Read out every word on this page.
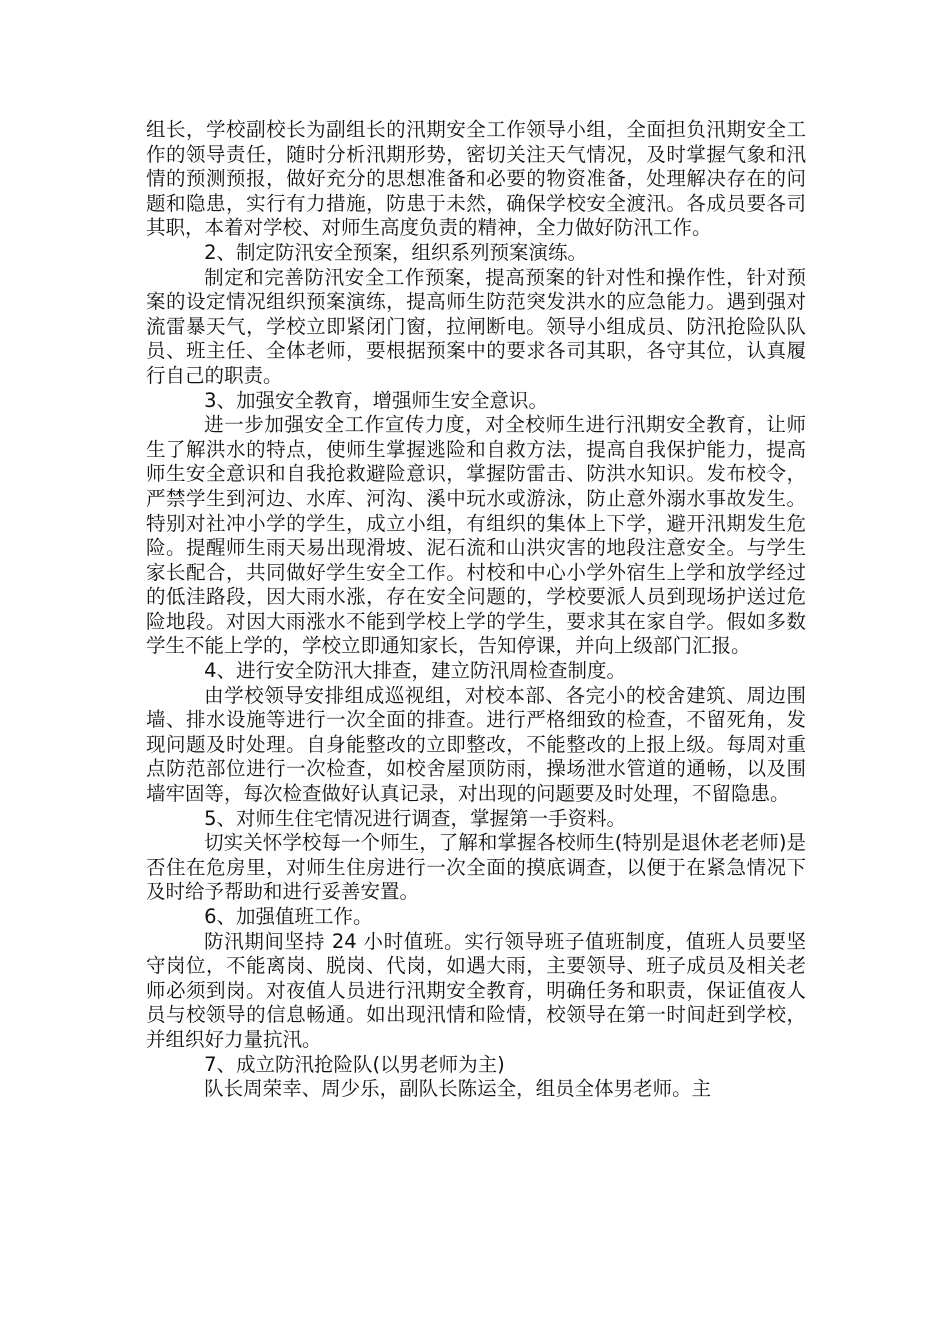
组长，学校副校长为副组长的汛期安全工作领导小组，全面担负汛期安全工作的领导责任，随时分析汛期形势，密切关注天气情况，及时掌握气象和汛情的预测预报，做好充分的思想准备和必要的物资准备，处理解决存在的问题和隐患，实行有力措施，防患于未然，确保学校安全渡汛。各成员要各司其职，本着对学校、对师生高度负责的精神，全力做好防汛工作。

2、制定防汛安全预案，组织系列预案演练。

制定和完善防汛安全工作预案，提高预案的针对性和操作性，针对预案的设定情况组织预案演练，提高师生防范突发洪水的应急能力。遇到强对流雷暴天气，学校立即紧闭门窗，拉闸断电。领导小组成员、防汛抢险队队员、班主任、全体老师，要根据预案中的要求各司其职，各守其位，认真履行自己的职责。

3、加强安全教育，增强师生安全意识。

进一步加强安全工作宣传力度，对全校师生进行汛期安全教育，让师生了解洪水的特点，使师生掌握逃险和自救方法，提高自我保护能力，提高师生安全意识和自我抢救避险意识，掌握防雷击、防洪水知识。发布校令，严禁学生到河边、水库、河沟、溪中玩水或游泳，防止意外溺水事故发生。特别对社冲小学的学生，成立小组，有组织的集体上下学，避开汛期发生危险。提醒师生雨天易出现滑坡、泥石流和山洪灾害的地段注意安全。与学生家长配合，共同做好学生安全工作。村校和中心小学外宿生上学和放学经过的低洼路段，因大雨水涨，存在安全问题的，学校要派人员到现场护送过危险地段。对因大雨涨水不能到学校上学的学生，要求其在家自学。假如多数学生不能上学的，学校立即通知家长，告知停课，并向上级部门汇报。

4、进行安全防汛大排查，建立防汛周检查制度。

由学校领导安排组成巡视组，对校本部、各完小的校舍建筑、周边围墙、排水设施等进行一次全面的排查。进行严格细致的检查，不留死角，发现问题及时处理。自身能整改的立即整改，不能整改的上报上级。每周对重点防范部位进行一次检查，如校舍屋顶防雨，操场泄水管道的通畅，以及围墙牢固等，每次检查做好认真记录，对出现的问题要及时处理，不留隐患。

5、对师生住宅情况进行调查，掌握第一手资料。

切实关怀学校每一个师生，了解和掌握各校师生(特别是退休老老师)是否住在危房里，对师生住房进行一次全面的摸底调查，以便于在紧急情况下及时给予帮助和进行妥善安置。

6、加强值班工作。

防汛期间坚持 24 小时值班。实行领导班子值班制度，值班人员要坚守岗位，不能离岗、脱岗、代岗，如遇大雨，主要领导、班子成员及相关老师必须到岗。对夜值人员进行汛期安全教育，明确任务和职责，保证值夜人员与校领导的信息畅通。如出现汛情和险情，校领导在第一时间赶到学校，并组织好力量抗汛。

7、成立防汛抢险队(以男老师为主)

队长周荣幸、周少乐，副队长陈运全，组员全体男老师。主
